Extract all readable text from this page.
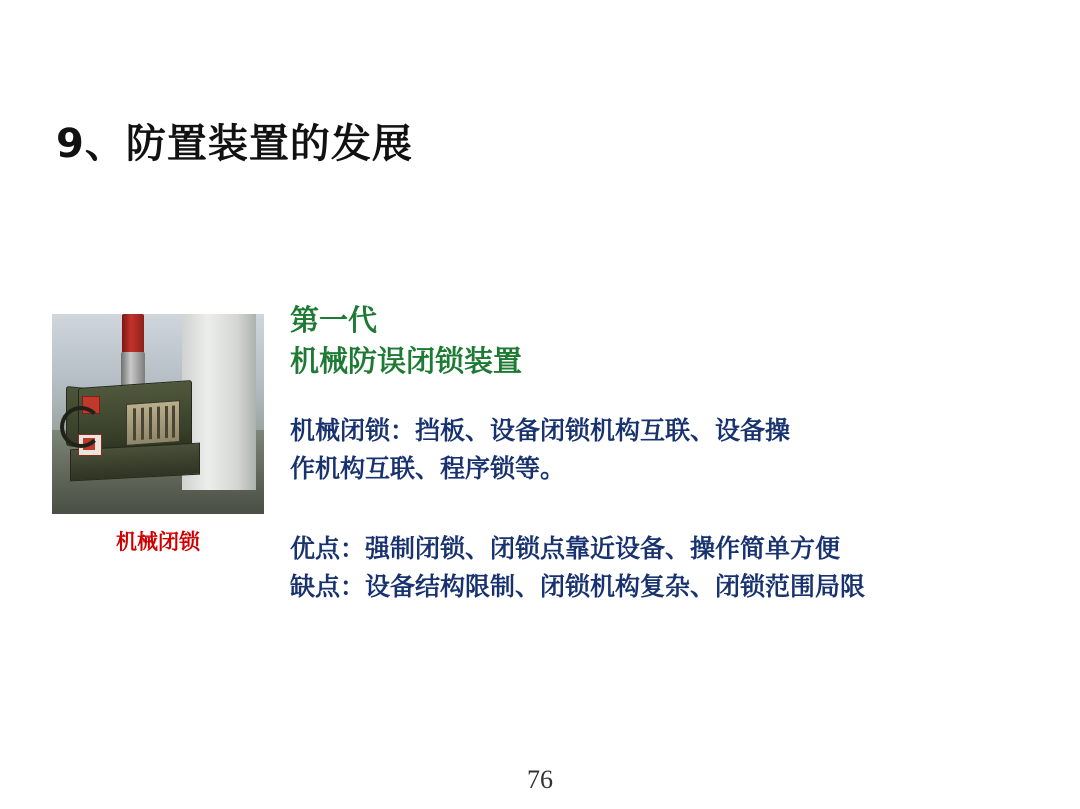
9、防置装置的发展
机械闭锁
第一代
机械防误闭锁装置
机械闭锁：挡板、设备闭锁机构互联、设备操
作机构互联、程序锁等。
优点：强制闭锁、闭锁点靠近设备、操作简单方便
缺点：设备结构限制、闭锁机构复杂、闭锁范围局限
76
